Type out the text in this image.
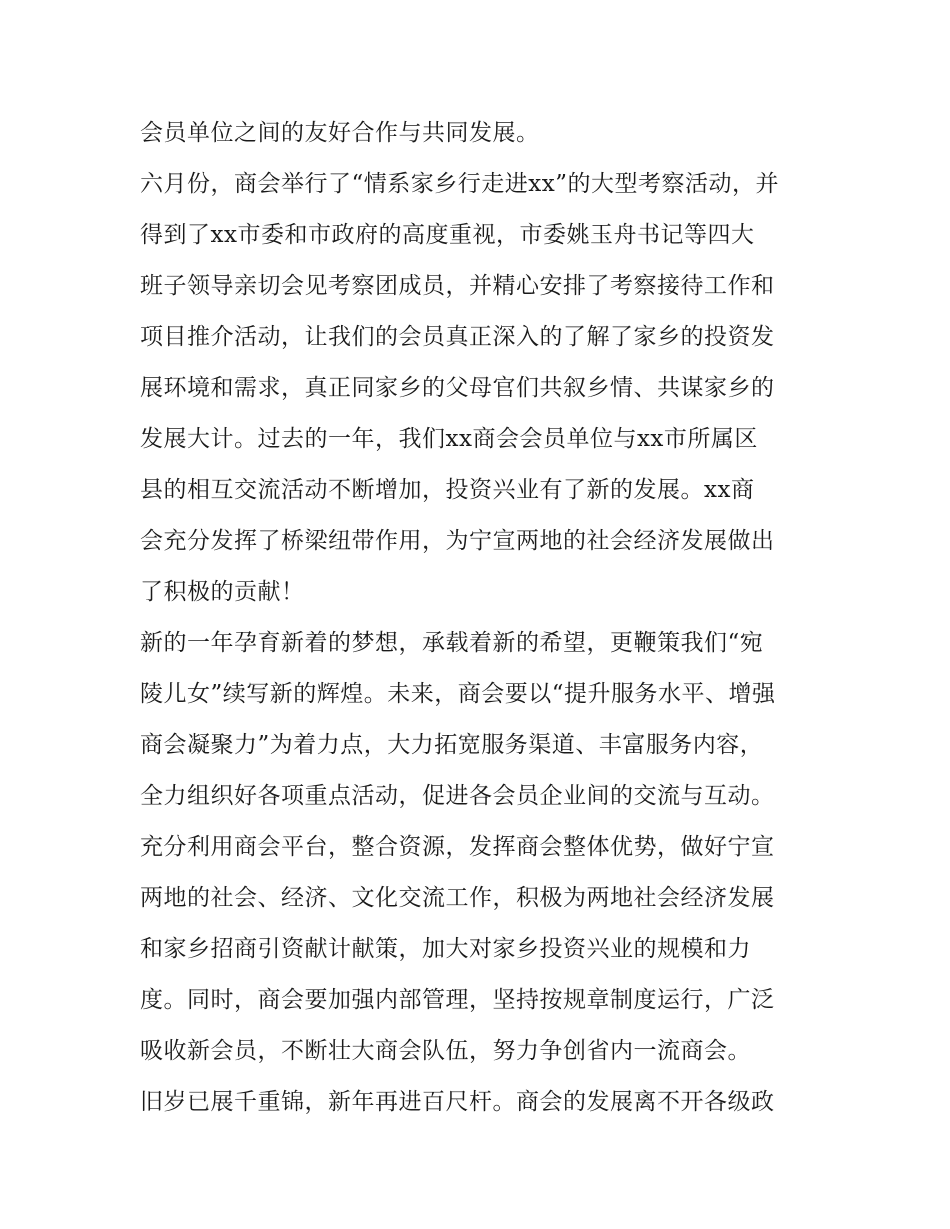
会员单位之间的友好合作与共同发展。
六月份，商会举行了“情系家乡行走进xx”的大型考察活动，并
得到了xx市委和市政府的高度重视，市委姚玉舟书记等四大
班子领导亲切会见考察团成员，并精心安排了考察接待工作和
项目推介活动，让我们的会员真正深入的了解了家乡的投资发
展环境和需求，真正同家乡的父母官们共叙乡情、共谋家乡的
发展大计。过去的一年，我们xx商会会员单位与xx市所属区
县的相互交流活动不断增加，投资兴业有了新的发展。xx商
会充分发挥了桥梁纽带作用，为宁宣两地的社会经济发展做出
了积极的贡献！
新的一年孕育新着的梦想，承载着新的希望，更鞭策我们“宛
陵儿女”续写新的辉煌。未来，商会要以“提升服务水平、增强
商会凝聚力”为着力点，大力拓宽服务渠道、丰富服务内容，
全力组织好各项重点活动，促进各会员企业间的交流与互动。
充分利用商会平台，整合资源，发挥商会整体优势，做好宁宣
两地的社会、经济、文化交流工作，积极为两地社会经济发展
和家乡招商引资献计献策，加大对家乡投资兴业的规模和力
度。同时，商会要加强内部管理，坚持按规章制度运行，广泛
吸收新会员，不断壮大商会队伍，努力争创省内一流商会。
旧岁已展千重锦，新年再进百尺杆。商会的发展离不开各级政
